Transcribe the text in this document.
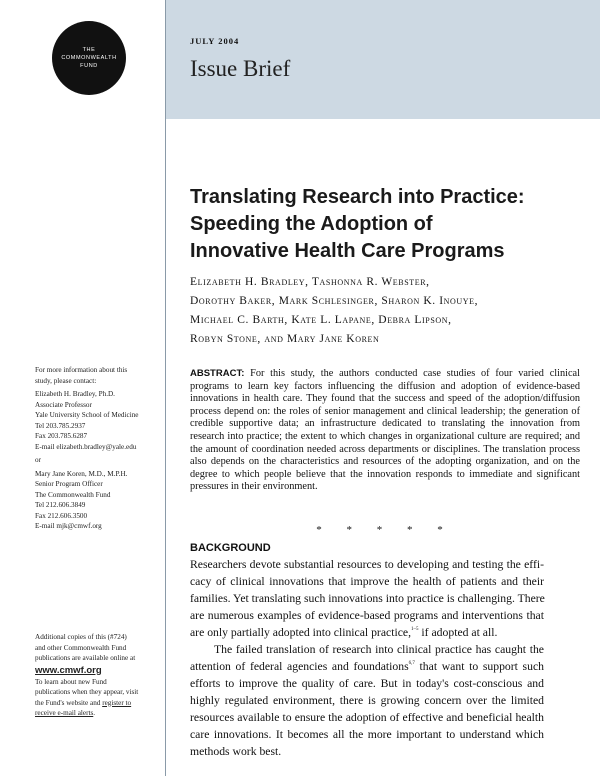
THE
COMMONWEALTH
FUND
JULY 2004
Issue Brief
Translating Research into Practice:
Speeding the Adoption of
Innovative Health Care Programs
Elizabeth H. Bradley, Tashonna R. Webster,
Dorothy Baker, Mark Schlesinger, Sharon K. Inouye,
Michael C. Barth, Kate L. Lapane, Debra Lipson,
Robyn Stone, and Mary Jane Koren
For more information about this
study, please contact:
Elizabeth H. Bradley, Ph.D.
Associate Professor
Yale University School of Medicine
Tel 203.785.2937
Fax 203.785.6287
E-mail elizabeth.bradley@yale.edu
or
Mary Jane Koren, M.D., M.P.H.
Senior Program Officer
The Commonwealth Fund
Tel 212.606.3849
Fax 212.606.3500
E-mail mjk@cmwf.org
Additional copies of this (#724)
and other Commonwealth Fund
publications are available online at
www.cmwf.org
To learn about new Fund
publications when they appear, visit
the Fund's website and register to
receive e-mail alerts.
ABSTRACT: For this study, the authors conducted case studies of four varied clinical programs to learn key factors influencing the diffusion and adoption of evidence-based innovations in health care. They found that the success and speed of the adoption/diffusion process depend on: the roles of senior management and clinical leadership; the generation of credible supportive data; an infrastructure dedicated to translating the innovation from research into practice; the extent to which changes in organizational culture are required; and the amount of coordination needed across departments or disciplines. The translation process also depends on the characteristics and resources of the adopting organization, and on the degree to which people believe that the innovation responds to immediate and significant pressures in their environment.
* * * * *
BACKGROUND
Researchers devote substantial resources to developing and testing the effi-
cacy of clinical innovations that improve the health of patients and their
families. Yet translating such innovations into practice is challenging. There
are numerous examples of evidence-based programs and interventions that
are only partially adopted into clinical practice,$^{1-5}$ if adopted at all.
The failed translation of research into clinical practice has caught the
attention of federal agencies and foundations$^{6,7}$ that want to support such
efforts to improve the quality of care. But in today's cost-conscious and
highly regulated environment, there is growing concern over the limited
resources available to ensure the adoption of effective and beneficial health
care innovations. It becomes all the more important to understand which
methods work best.
